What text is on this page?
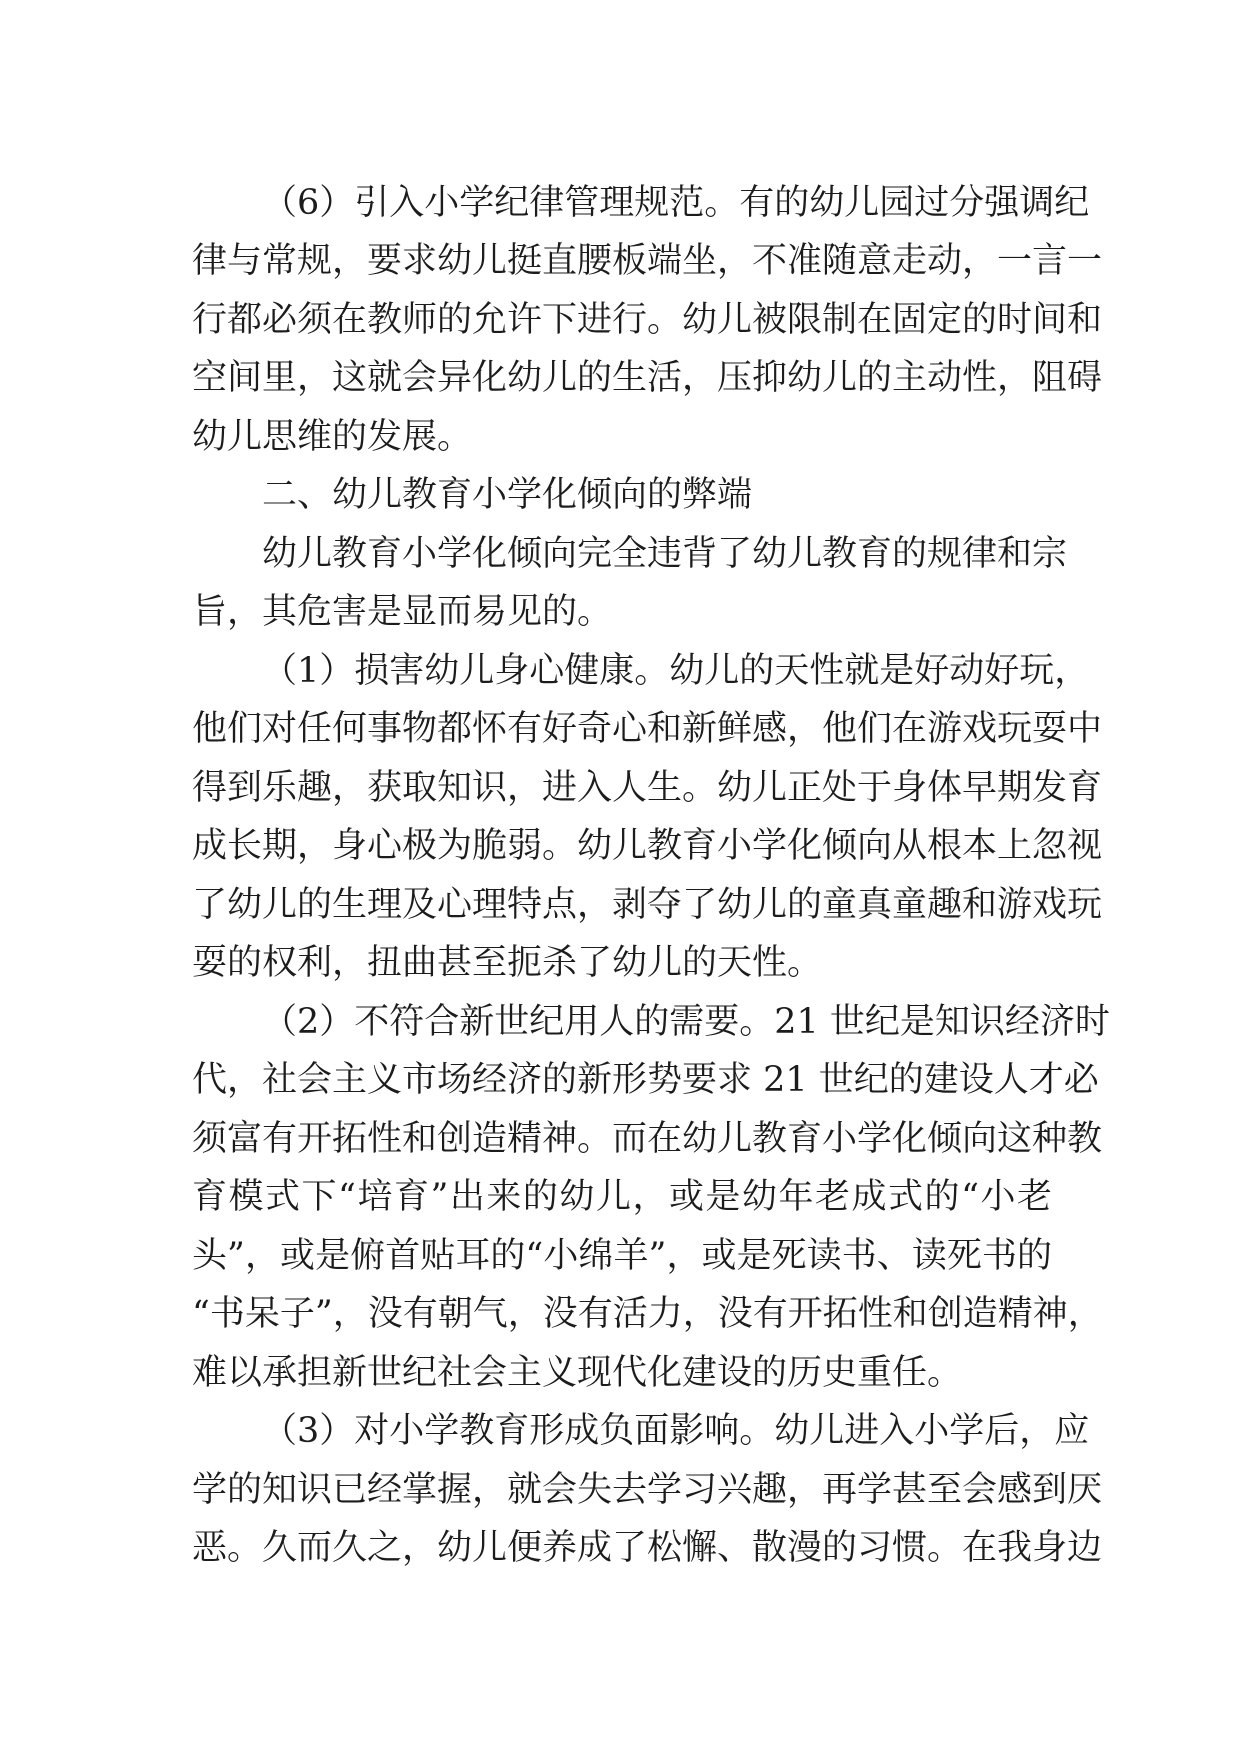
（6）引入小学纪律管理规范。有的幼儿园过分强调纪

律与常规，要求幼儿挺直腰板端坐，不准随意走动，一言一

行都必须在教师的允许下进行。幼儿被限制在固定的时间和

空间里，这就会异化幼儿的生活，压抑幼儿的主动性，阻碍

幼儿思维的发展。

二、幼儿教育小学化倾向的弊端

幼儿教育小学化倾向完全违背了幼儿教育的规律和宗

旨，其危害是显而易见的。

（1）损害幼儿身心健康。幼儿的天性就是好动好玩，

他们对任何事物都怀有好奇心和新鲜感，他们在游戏玩耍中

得到乐趣，获取知识，进入人生。幼儿正处于身体早期发育

成长期，身心极为脆弱。幼儿教育小学化倾向从根本上忽视

了幼儿的生理及心理特点，剥夺了幼儿的童真童趣和游戏玩

耍的权利，扭曲甚至扼杀了幼儿的天性。

（2）不符合新世纪用人的需要。21 世纪是知识经济时

代，社会主义市场经济的新形势要求 21 世纪的建设人才必

须富有开拓性和创造精神。而在幼儿教育小学化倾向这种教

育模式下“培育”出来的幼儿，或是幼年老成式的“小老

头”，或是俯首贴耳的“小绵羊”，或是死读书、读死书的

“书呆子”，没有朝气，没有活力，没有开拓性和创造精神，

难以承担新世纪社会主义现代化建设的历史重任。

（3）对小学教育形成负面影响。幼儿进入小学后，应

学的知识已经掌握，就会失去学习兴趣，再学甚至会感到厌

恶。久而久之，幼儿便养成了松懈、散漫的习惯。在我身边
